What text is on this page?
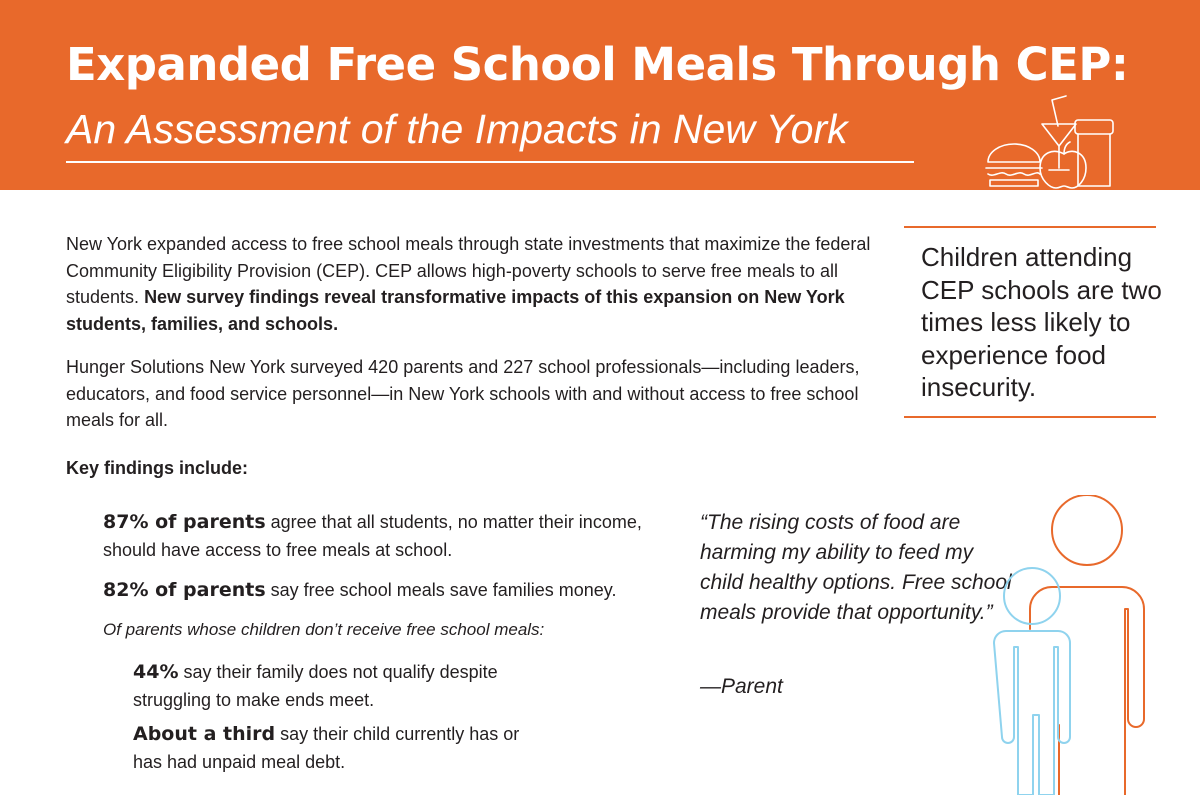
Expanded Free School Meals Through CEP:
An Assessment of the Impacts in New York

New York expanded access to free school meals through state investments that maximize the federal Community Eligibility Provision (CEP). CEP allows high-poverty schools to serve free meals to all students. New survey findings reveal transformative impacts of this expansion on New York students, families, and schools.

Hunger Solutions New York surveyed 420 parents and 227 school professionals—including leaders, educators, and food service personnel—in New York schools with and without access to free school meals for all.

Children attending CEP schools are two times less likely to experience food insecurity.

Key findings include:

87% of parents agree that all students, no matter their income, should have access to free meals at school.

82% of parents say free school meals save families money.

Of parents whose children don’t receive free school meals:

44% say their family does not qualify despite struggling to make ends meet.

About a third say their child currently has or has had unpaid meal debt.

“The rising costs of food are harming my ability to feed my child healthy options. Free school meals provide that opportunity.”

—Parent
